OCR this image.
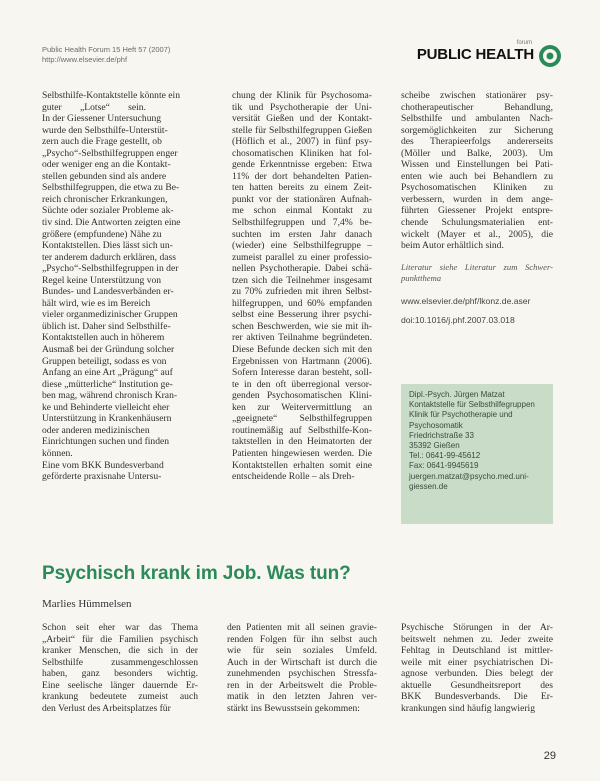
Public Health Forum 15 Heft 57 (2007)
http://www.elsevier.de/phf
forum
PUBLIC HEALTH
Selbsthilfe-Kontaktstelle könnte ein
guter „Lotse“ sein.
In der Giessener Untersuchung
wurde den Selbsthilfe-Unterstüt-
zern auch die Frage gestellt, ob
„Psycho“-Selbsthilfegruppen enger
oder weniger eng an die Kontakt-
stellen gebunden sind als andere
Selbsthilfegruppen, die etwa zu Be-
reich chronischer Erkrankungen,
Süchte oder sozialer Probleme ak-
tiv sind. Die Antworten zeigten eine
größere (empfundene) Nähe zu
Kontaktstellen. Dies lässt sich un-
ter anderem dadurch erklären, dass
„Psycho“-Selbsthilfegruppen in der
Regel keine Unterstützung von
Bundes- und Landesverbänden er-
hält wird, wie es im Bereich
vieler organmedizinischer Gruppen
üblich ist. Daher sind Selbsthilfe-
Kontaktstellen auch in höherem
Ausmaß bei der Gründung solcher
Gruppen beteiligt, sodass es von
Anfang an eine Art „Prägung“ auf
diese „mütterliche“ Institution ge-
ben mag, während chronisch Kran-
ke und Behinderte vielleicht eher
Unterstützung in Krankenhäusern
oder anderen medizinischen
Einrichtungen suchen und finden
können.
Eine vom BKK Bundesverband
geförderte praxisnahe Untersu-
chung der Klinik für Psychosoma-
tik und Psychotherapie der Uni-
versität Gießen und der Kontakt-
stelle für Selbsthilfegruppen Gießen
(Höflich et al., 2007) in fünf psy-
chosomatischen Kliniken hat fol-
gende Erkenntnisse ergeben: Etwa
11% der dort behandelten Patien-
ten hatten bereits zu einem Zeit-
punkt vor der stationären Aufnah-
me schon einmal Kontakt zu
Selbsthilfegruppen und 7,4% be-
suchten im ersten Jahr danach
(wieder) eine Selbsthilfegruppe –
zumeist parallel zu einer professio-
nellen Psychotherapie. Dabei schä-
tzen sich die Teilnehmer insgesamt
zu 70% zufrieden mit ihren Selbst-
hilfegruppen, und 60% empfanden
selbst eine Besserung ihrer psychi-
schen Beschwerden, wie sie mit ih-
rer aktiven Teilnahme begründeten.
Diese Befunde decken sich mit den
Ergebnissen von Hartmann (2006).
Sofern Interesse daran besteht, soll-
te in den oft überregional versor-
genden Psychosomatischen Klini-
ken zur Weitervermittlung an
„geeignete“ Selbsthilfegruppen
routinemäßig auf Selbsthilfe-Kon-
taktstellen in den Heimatorten der
Patienten hingewiesen werden. Die
Kontaktstellen erhalten somit eine
entscheidende Rolle – als Dreh-
scheibe zwischen stationärer psy-
chotherapeutischer Behandlung,
Selbsthilfe und ambulanten Nach-
sorgemöglichkeiten zur Sicherung
des Therapieerfolgs andererseits
(Möller und Balke, 2003). Um
Wissen und Einstellungen bei Pati-
enten wie auch bei Behandlern zu
Psychosomatischen Kliniken zu
verbessern, wurden in dem ange-
führten Giessener Projekt entspre-
chende Schulungsmaterialien ent-
wickelt (Mayer et al., 2005), die
beim Autor erhältlich sind.
Literatur siehe Literatur zum Schwer-
punktthema
www.elsevier.de/phf/lkonz.de.aser
doi:10.1016/j.phf.2007.03.018
Dipl.-Psych. Jürgen Matzat
Kontaktstelle für Selbsthilfegruppen
Klinik für Psychotherapie und
Psychosomatik
Friedrichstraße 33
35392 Gießen
Tel.: 0641-99-45612
Fax: 0641-9945619
juergen.matzat@psycho.med.uni-giessen.de
Psychisch krank im Job. Was tun?
Marlies Hümmelsen
Schon seit eher war das Thema
„Arbeit“ für die Familien psychisch
kranker Menschen, die sich in der
Selbsthilfe zusammengeschlossen
haben, ganz besonders wichtig.
Eine seelische länger dauernde Er-
krankung bedeutete zumeist auch
den Verlust des Arbeitsplatzes für
den Patienten mit all seinen gravie-
renden Folgen für ihn selbst auch
wie für sein soziales Umfeld.
Auch in der Wirtschaft ist durch die
zunehmenden psychischen Stressfa-
ren in der Arbeitswelt die Proble-
matik in den letzten Jahren ver-
stärkt ins Bewusstsein gekommen:
Psychische Störungen in der Ar-
beitswelt nehmen zu. Jeder zweite
Fehltag in Deutschland ist mittler-
weile mit einer psychiatrischen Di-
agnose verbunden. Dies belegt der
aktuelle Gesundheitsreport des
BKK Bundesverbands. Die Er-
krankungen sind häufig langwierig
29
